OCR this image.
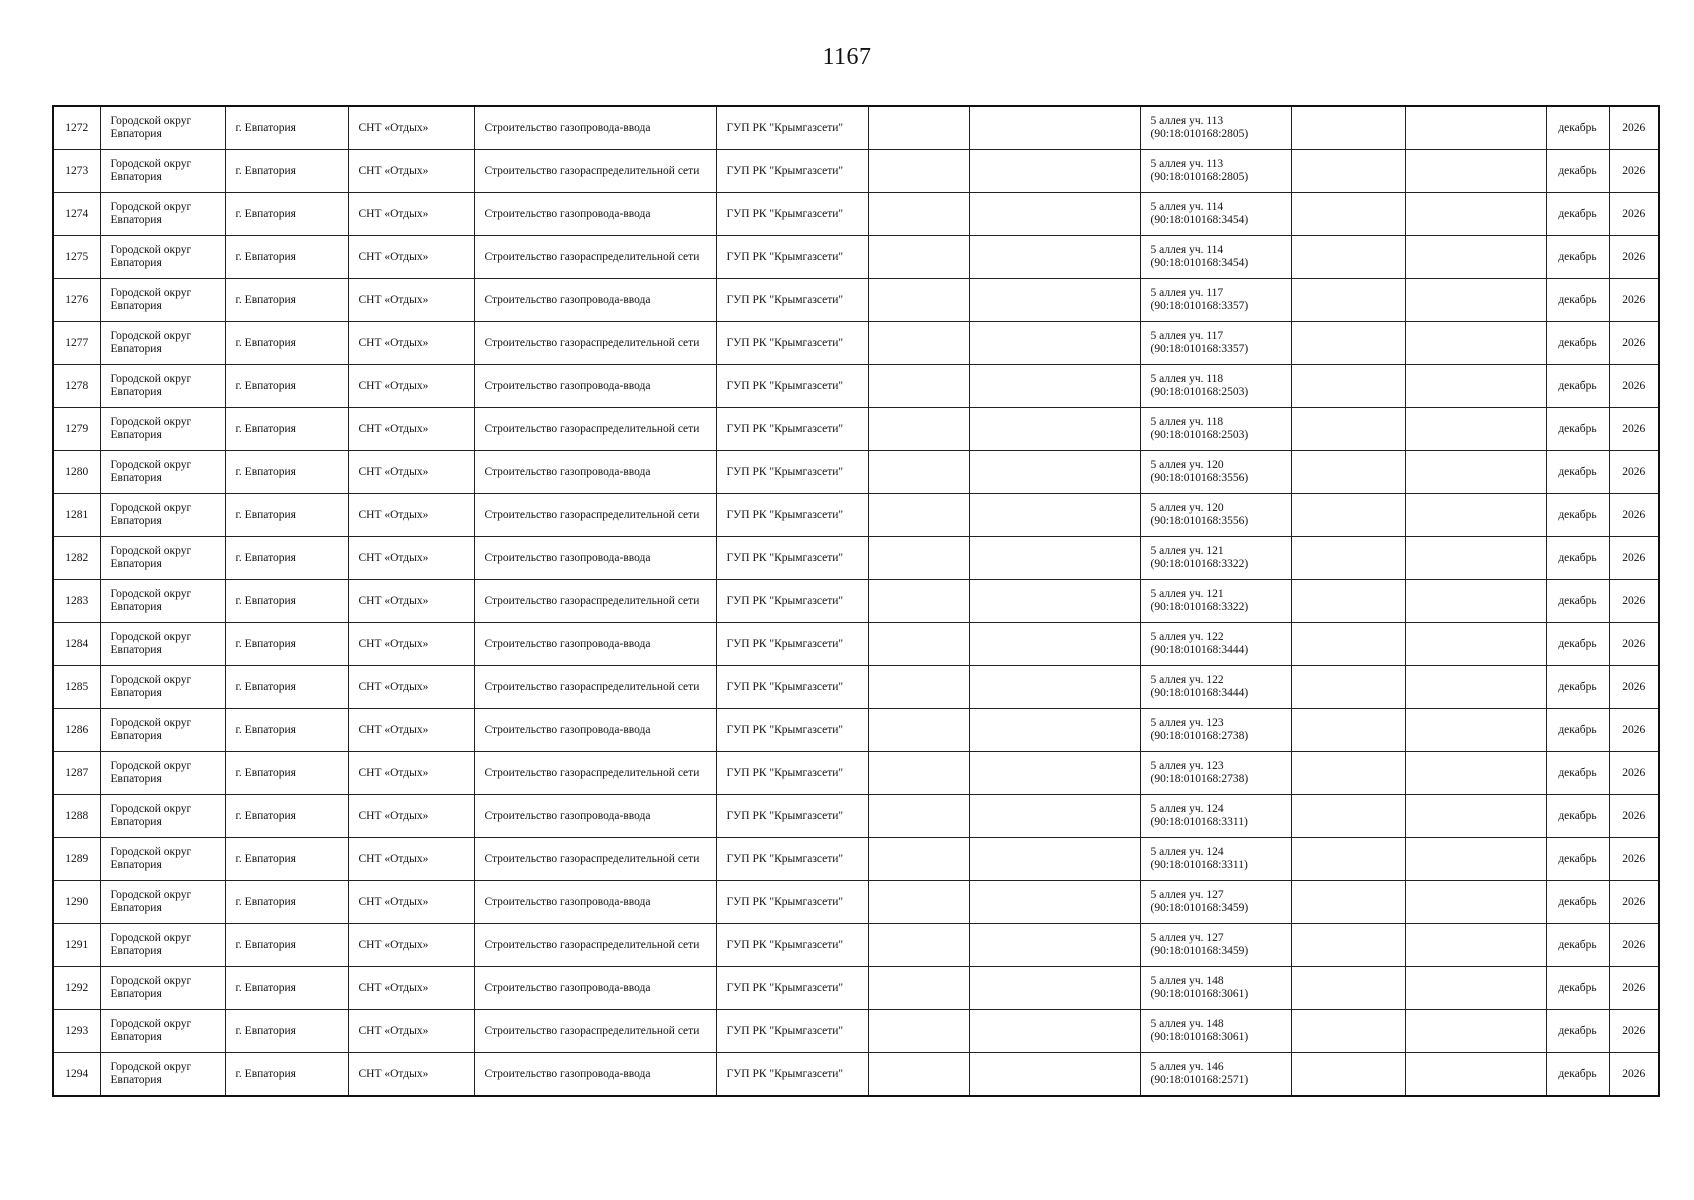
1167
1272	Городской округ Евпатория	г. Евпатория	СНТ «Отдых»	Строительство газопровода-ввода	ГУП РК "Крымгазсети"			5 аллея уч. 113
(90:18:010168:2805)			декабрь	2026
1273	Городской округ Евпатория	г. Евпатория	СНТ «Отдых»	Строительство газораспределительной сети	ГУП РК "Крымгазсети"			5 аллея уч. 113
(90:18:010168:2805)			декабрь	2026
1274	Городской округ Евпатория	г. Евпатория	СНТ «Отдых»	Строительство газопровода-ввода	ГУП РК "Крымгазсети"			5 аллея уч. 114
(90:18:010168:3454)			декабрь	2026
1275	Городской округ Евпатория	г. Евпатория	СНТ «Отдых»	Строительство газораспределительной сети	ГУП РК "Крымгазсети"			5 аллея уч. 114
(90:18:010168:3454)			декабрь	2026
1276	Городской округ Евпатория	г. Евпатория	СНТ «Отдых»	Строительство газопровода-ввода	ГУП РК "Крымгазсети"			5 аллея уч. 117
(90:18:010168:3357)			декабрь	2026
1277	Городской округ Евпатория	г. Евпатория	СНТ «Отдых»	Строительство газораспределительной сети	ГУП РК "Крымгазсети"			5 аллея уч. 117
(90:18:010168:3357)			декабрь	2026
1278	Городской округ Евпатория	г. Евпатория	СНТ «Отдых»	Строительство газопровода-ввода	ГУП РК "Крымгазсети"			5 аллея уч. 118
(90:18:010168:2503)			декабрь	2026
1279	Городской округ Евпатория	г. Евпатория	СНТ «Отдых»	Строительство газораспределительной сети	ГУП РК "Крымгазсети"			5 аллея уч. 118
(90:18:010168:2503)			декабрь	2026
1280	Городской округ Евпатория	г. Евпатория	СНТ «Отдых»	Строительство газопровода-ввода	ГУП РК "Крымгазсети"			5 аллея уч. 120
(90:18:010168:3556)			декабрь	2026
1281	Городской округ Евпатория	г. Евпатория	СНТ «Отдых»	Строительство газораспределительной сети	ГУП РК "Крымгазсети"			5 аллея уч. 120
(90:18:010168:3556)			декабрь	2026
1282	Городской округ Евпатория	г. Евпатория	СНТ «Отдых»	Строительство газопровода-ввода	ГУП РК "Крымгазсети"			5 аллея уч. 121
(90:18:010168:3322)			декабрь	2026
1283	Городской округ Евпатория	г. Евпатория	СНТ «Отдых»	Строительство газораспределительной сети	ГУП РК "Крымгазсети"			5 аллея уч. 121
(90:18:010168:3322)			декабрь	2026
1284	Городской округ Евпатория	г. Евпатория	СНТ «Отдых»	Строительство газопровода-ввода	ГУП РК "Крымгазсети"			5 аллея уч. 122
(90:18:010168:3444)			декабрь	2026
1285	Городской округ Евпатория	г. Евпатория	СНТ «Отдых»	Строительство газораспределительной сети	ГУП РК "Крымгазсети"			5 аллея уч. 122
(90:18:010168:3444)			декабрь	2026
1286	Городской округ Евпатория	г. Евпатория	СНТ «Отдых»	Строительство газопровода-ввода	ГУП РК "Крымгазсети"			5 аллея уч. 123
(90:18:010168:2738)			декабрь	2026
1287	Городской округ Евпатория	г. Евпатория	СНТ «Отдых»	Строительство газораспределительной сети	ГУП РК "Крымгазсети"			5 аллея уч. 123
(90:18:010168:2738)			декабрь	2026
1288	Городской округ Евпатория	г. Евпатория	СНТ «Отдых»	Строительство газопровода-ввода	ГУП РК "Крымгазсети"			5 аллея уч. 124
(90:18:010168:3311)			декабрь	2026
1289	Городской округ Евпатория	г. Евпатория	СНТ «Отдых»	Строительство газораспределительной сети	ГУП РК "Крымгазсети"			5 аллея уч. 124
(90:18:010168:3311)			декабрь	2026
1290	Городской округ Евпатория	г. Евпатория	СНТ «Отдых»	Строительство газопровода-ввода	ГУП РК "Крымгазсети"			5 аллея уч. 127
(90:18:010168:3459)			декабрь	2026
1291	Городской округ Евпатория	г. Евпатория	СНТ «Отдых»	Строительство газораспределительной сети	ГУП РК "Крымгазсети"			5 аллея уч. 127
(90:18:010168:3459)			декабрь	2026
1292	Городской округ Евпатория	г. Евпатория	СНТ «Отдых»	Строительство газопровода-ввода	ГУП РК "Крымгазсети"			5 аллея уч. 148
(90:18:010168:3061)			декабрь	2026
1293	Городской округ Евпатория	г. Евпатория	СНТ «Отдых»	Строительство газораспределительной сети	ГУП РК "Крымгазсети"			5 аллея уч. 148
(90:18:010168:3061)			декабрь	2026
1294	Городской округ Евпатория	г. Евпатория	СНТ «Отдых»	Строительство газопровода-ввода	ГУП РК "Крымгазсети"			5 аллея уч. 146
(90:18:010168:2571)			декабрь	2026
